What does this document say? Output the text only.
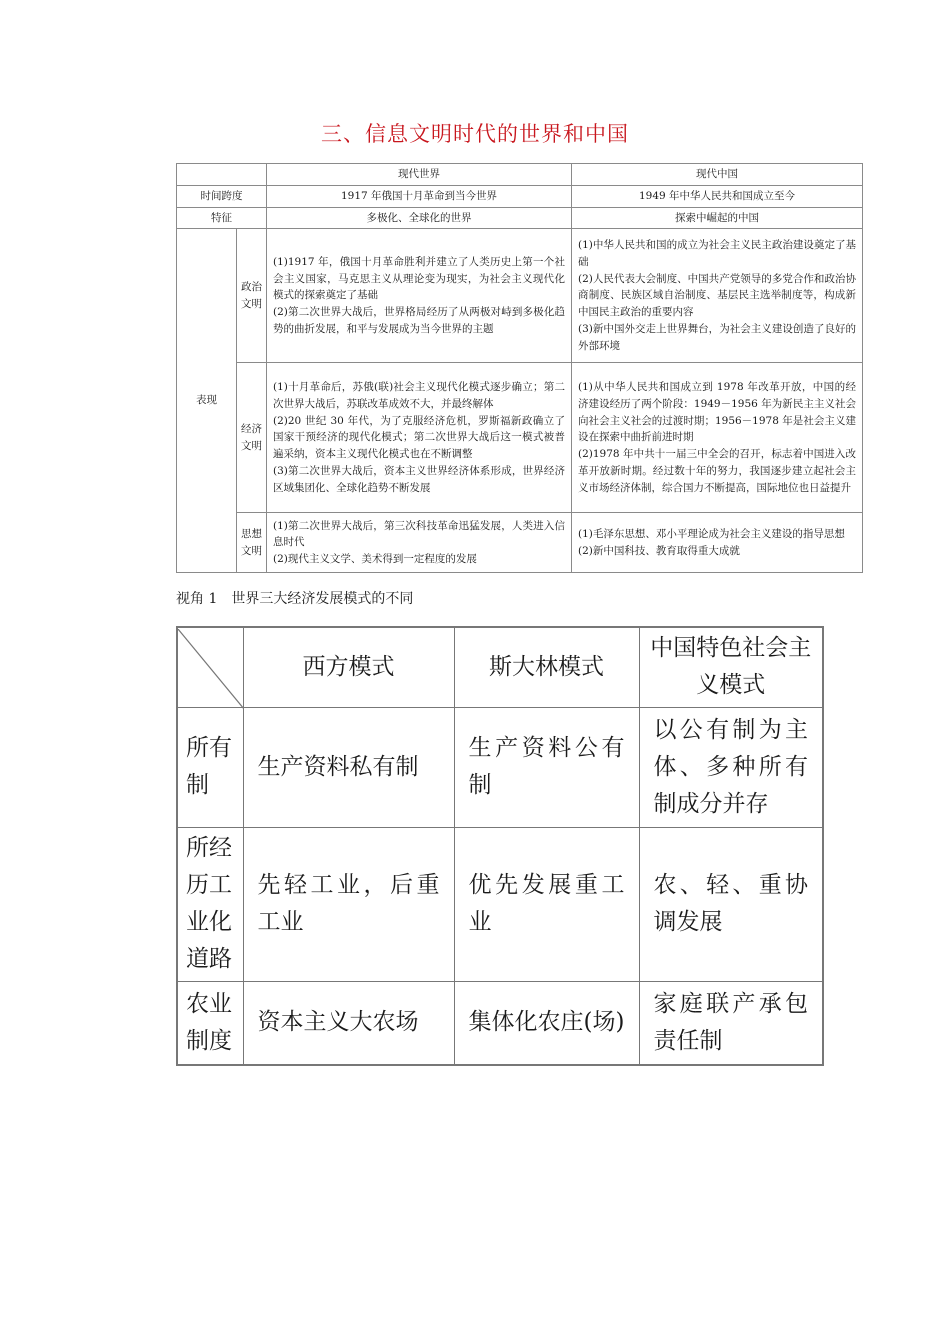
三、信息文明时代的世界和中国
		现代世界	现代中国
时间跨度		1917 年俄国十月革命到当今世界	1949 年中华人民共和国成立至今
特征		多极化、全球化的世界	探索中崛起的中国
表现	政治文明	(1)1917 年，俄国十月革命胜利并建立了人类历史上第一个社会主义国家，马克思主义从理论变为现实，为社会主义现代化模式的探索奠定了基础
(2)第二次世界大战后，世界格局经历了从两极对峙到多极化趋势的曲折发展，和平与发展成为当今世界的主题	(1)中华人民共和国的成立为社会主义民主政治建设奠定了基础
(2)人民代表大会制度、中国共产党领导的多党合作和政治协商制度、民族区域自治制度、基层民主选举制度等，构成新中国民主政治的重要内容
(3)新中国外交走上世界舞台，为社会主义建设创造了良好的外部环境
	经济文明	(1)十月革命后，苏俄(联)社会主义现代化模式逐步确立；第二次世界大战后，苏联改革成效不大，并最终解体
(2)20 世纪 30 年代，为了克服经济危机，罗斯福新政确立了国家干预经济的现代化模式；第二次世界大战后这一模式被普遍采纳，资本主义现代化模式也在不断调整
(3)第二次世界大战后，资本主义世界经济体系形成，世界经济区域集团化、全球化趋势不断发展	(1)从中华人民共和国成立到 1978 年改革开放，中国的经济建设经历了两个阶段：1949－1956 年为新民主主义社会向社会主义社会的过渡时期；1956－1978 年是社会主义建设在探索中曲折前进时期
(2)1978 年中共十一届三中全会的召开，标志着中国进入改革开放新时期。经过数十年的努力，我国逐步建立起社会主义市场经济体制，综合国力不断提高，国际地位也日益提升
	思想文明	(1)第二次世界大战后，第三次科技革命迅猛发展，人类进入信息时代
(2)现代主义文学、美术得到一定程度的发展	(1)毛泽东思想、邓小平理论成为社会主义建设的指导思想
(2)新中国科技、教育取得重大成就
视角 1　世界三大经济发展模式的不同
	西方模式	斯大林模式	中国特色社会主义模式
所有制	生产资料私有制	生产资料公有制	以公有制为主体、多种所有制成分并存
所经历工业化道路	先轻工业，后重工业	优先发展重工业	农、轻、重协调发展
农业制度	资本主义大农场	集体化农庄(场)	家庭联产承包责任制
